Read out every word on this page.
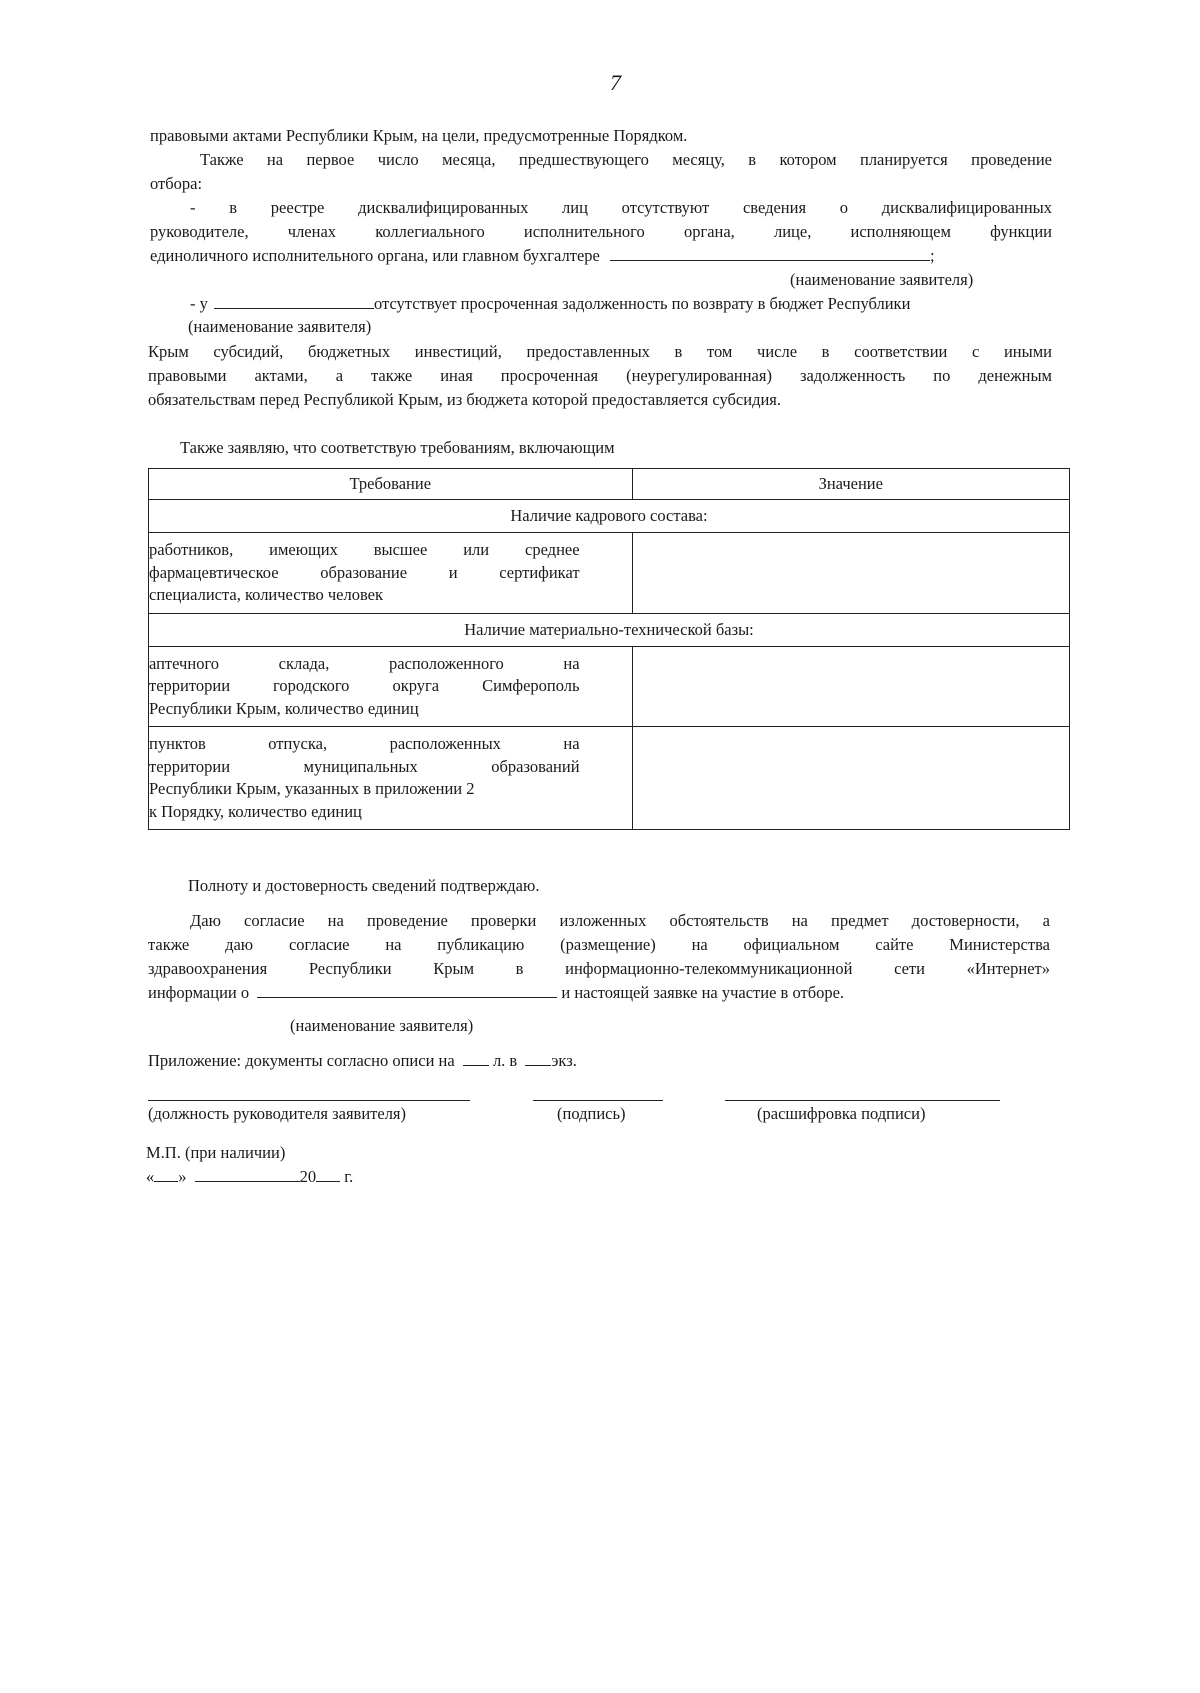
7
правовыми актами Республики Крым, на цели, предусмотренные Порядком.
Также на первое число месяца, предшествующего месяцу, в котором планируется проведение
отбора:
- в реестре дисквалифицированных лиц отсутствуют сведения о дисквалифицированных
руководителе, членах коллегиального исполнительного органа, лице, исполняющем функции
единоличного исполнительного органа, или главном бухгалтере	;
(наименование заявителя)
- у	отсутствует просроченная задолженность по возврату в бюджет Республики
(наименование заявителя)
Крым субсидий, бюджетных инвестиций, предоставленных в том числе в соответствии с иными
правовыми актами, а также иная просроченная (неурегулированная) задолженность по денежным
обязательствам перед Республикой Крым, из бюджета которой предоставляется субсидия.
Также заявляю, что соответствую требованиям, включающим
Требование	Значение
Наличие кадрового состава:	

работников, имеющих высшее или среднее
фармацевтическое образование и сертификат
специалиста, количество человек	

Наличие материально-технической базы:	

аптечного склада, расположенного на
территории городского округа Симферополь
Республики Крым, количество единиц	

пунктов отпуска, расположенных на
территории муниципальных образований
Республики Крым, указанных в приложении 2
к Порядку, количество единиц	

Полноту и достоверность сведений подтверждаю.
Даю согласие на проведение проверки изложенных обстоятельств на предмет достоверности, а
также даю согласие на публикацию (размещение) на официальном сайте Министерства
здравоохранения Республики Крым в информационно-телекоммуникационной сети «Интернет»
информации о	и настоящей заявке на участие в отборе.
(наименование заявителя)
Приложение: документы согласно описи на л. в экз.
(должность руководителя заявителя)	(подпись)	(расшифровка подписи)
М.П. (при наличии)
« »	20 г.
